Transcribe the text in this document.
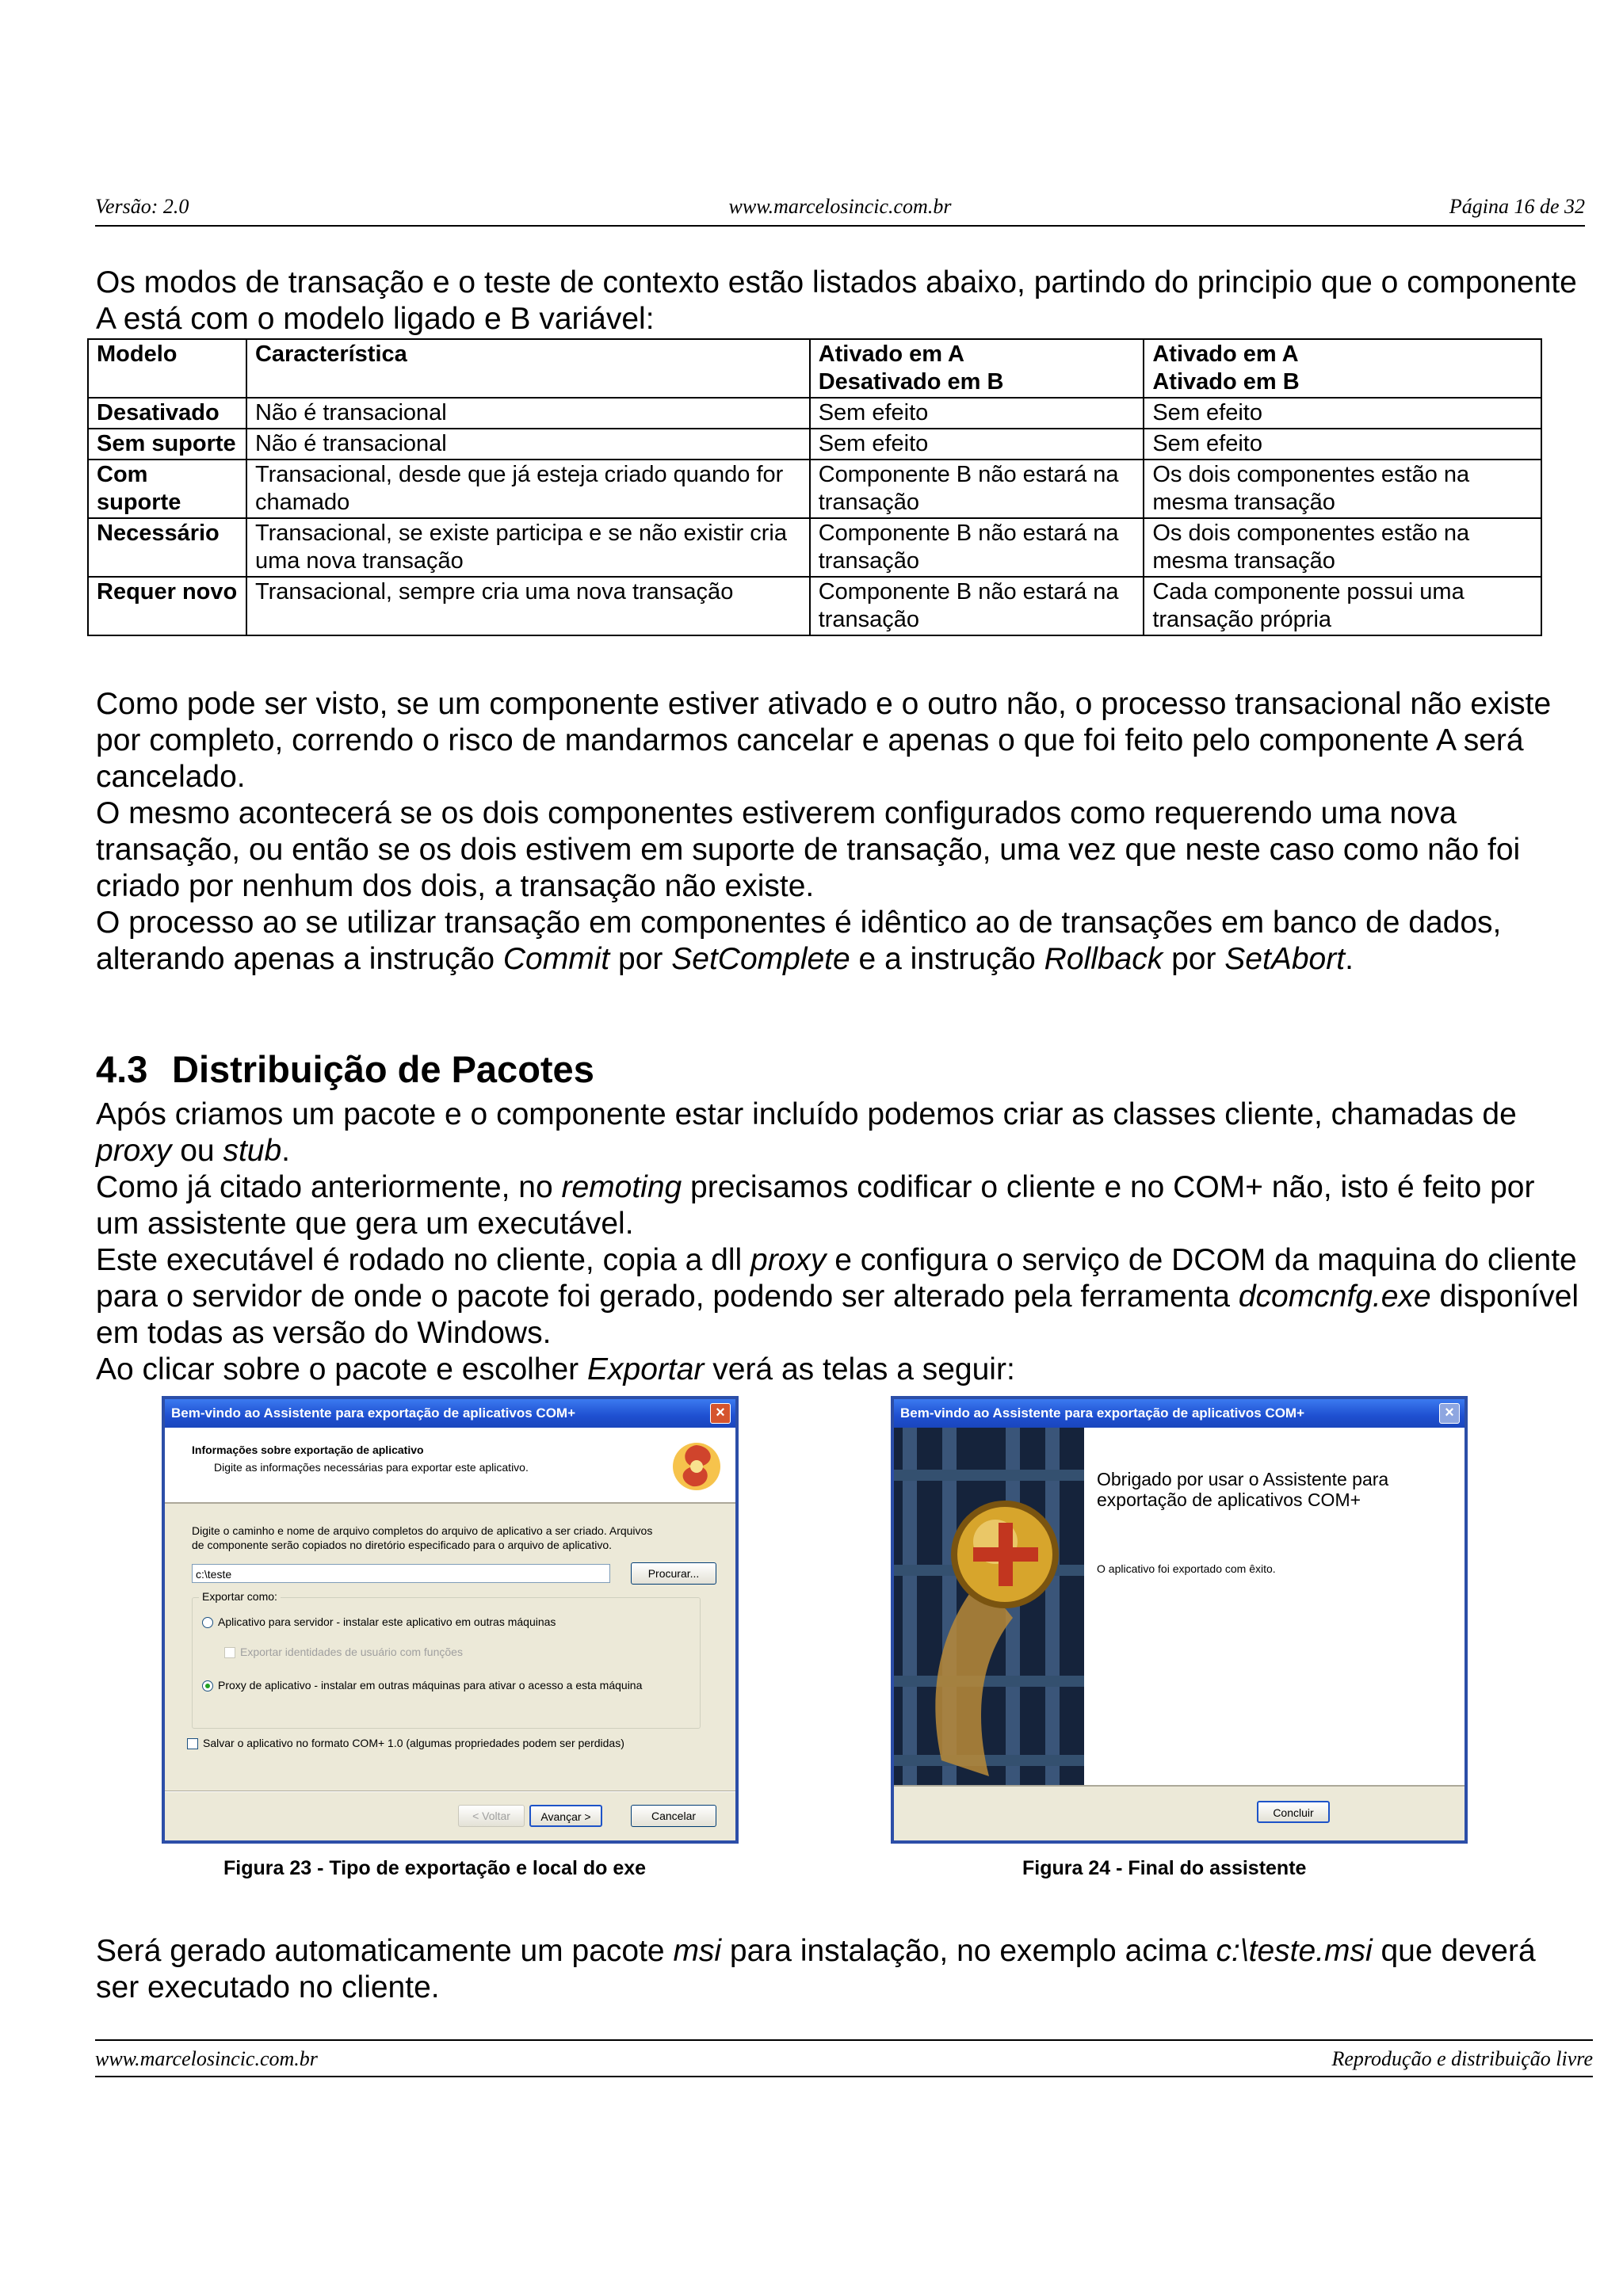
Versão: 2.0	www.marcelosincic.com.br	Página 16 de 32

Os modos de transação e o teste de contexto estão listados abaixo, partindo do principio que o componente A está com o modelo ligado e B variável:

Modelo	Característica	Ativado em A Desativado em B	Ativado em A Ativado em B
Desativado	Não é transacional	Sem efeito	Sem efeito
Sem suporte	Não é transacional	Sem efeito	Sem efeito
Com suporte	Transacional, desde que já esteja criado quando for chamado	Componente B não estará na transação	Os dois componentes estão na mesma transação
Necessário	Transacional, se existe participa e se não existir cria uma nova transação	Componente B não estará na transação	Os dois componentes estão na mesma transação
Requer novo	Transacional, sempre cria uma nova transação	Componente B não estará na transação	Cada componente possui uma transação própria

Como pode ser visto, se um componente estiver ativado e o outro não, o processo transacional não existe por completo, correndo o risco de mandarmos cancelar e apenas o que foi feito pelo componente A será cancelado.

O mesmo acontecerá se os dois componentes estiverem configurados como requerendo uma nova transação, ou então se os dois estivem em suporte de transação, uma vez que neste caso como não foi criado por nenhum dos dois, a transação não existe.

O processo ao se utilizar transação em componentes é idêntico ao de transações em banco de dados, alterando apenas a instrução Commit por SetComplete e a instrução Rollback por SetAbort.

4.3 Distribuição de Pacotes

Após criamos um pacote e o componente estar incluído podemos criar as classes cliente, chamadas de proxy ou stub.

Como já citado anteriormente, no remoting precisamos codificar o cliente e no COM+ não, isto é feito por um assistente que gera um executável.

Este executável é rodado no cliente, copia a dll proxy e configura o serviço de DCOM da maquina do cliente para o servidor de onde o pacote foi gerado, podendo ser alterado pela ferramenta dcomcnfg.exe disponível em todas as versão do Windows.

Ao clicar sobre o pacote e escolher Exportar verá as telas a seguir:

Bem-vindo ao Assistente para exportação de aplicativos COM+	×
Informações sobre exportação de aplicativo
Digite as informações necessárias para exportar este aplicativo.
Digite o caminho e nome de arquivo completos do arquivo de aplicativo a ser criado. Arquivos
de componente serão copiados no diretório especificado para o arquivo de aplicativo.
c:\teste	Procurar...
Exportar como:
Aplicativo para servidor - instalar este aplicativo em outras máquinas
Exportar identidades de usuário com funções
Proxy de aplicativo - instalar em outras máquinas para ativar o acesso a esta máquina
Salvar o aplicativo no formato COM+ 1.0 (algumas propriedades podem ser perdidas)
< Voltar	Avançar >	Cancelar
Bem-vindo ao Assistente para exportação de aplicativos COM+	×
Obrigado por usar o Assistente para exportação de aplicativos COM+
O aplicativo foi exportado com êxito.
Concluir
Figura 23 - Tipo de exportação e local do exe	Figura 24 - Final do assistente

Será gerado automaticamente um pacote msi para instalação, no exemplo acima c:\teste.msi que deverá ser executado no cliente.

www.marcelosincic.com.br	Reprodução e distribuição livre
